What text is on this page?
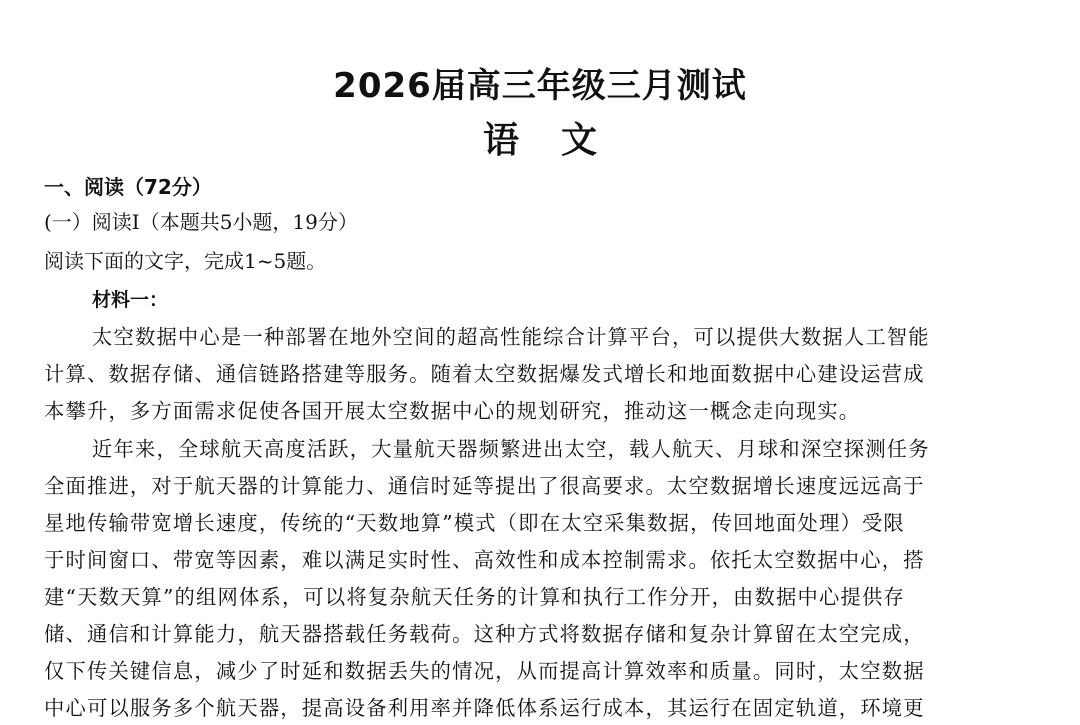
2026届高三年级三月测试
语文
一、阅读（72分）
(一）阅读I（本题共5小题，19分）
阅读下面的文字，完成1~5题。
材料一：
太空数据中心是一种部署在地外空间的超高性能综合计算平台，可以提供大数据人工智能
计算、数据存储、通信链路搭建等服务。随着太空数据爆发式增长和地面数据中心建设运营成
本攀升，多方面需求促使各国开展太空数据中心的规划研究，推动这一概念走向现实。
近年来，全球航天高度活跃，大量航天器频繁进出太空，载人航天、月球和深空探测任务
全面推进，对于航天器的计算能力、通信时延等提出了很高要求。太空数据增长速度远远高于
星地传输带宽增长速度，传统的“天数地算”模式（即在太空采集数据，传回地面处理）受限
于时间窗口、带宽等因素，难以满足实时性、高效性和成本控制需求。依托太空数据中心，搭
建“天数天算”的组网体系，可以将复杂航天任务的计算和执行工作分开，由数据中心提供存
储、通信和计算能力，航天器搭载任务载荷。这种方式将数据存储和复杂计算留在太空完成，
仅下传关键信息，减少了时延和数据丢失的情况，从而提高计算效率和质量。同时，太空数据
中心可以服务多个航天器，提高设备利用率并降低体系运行成本，其运行在固定轨道，环境更
